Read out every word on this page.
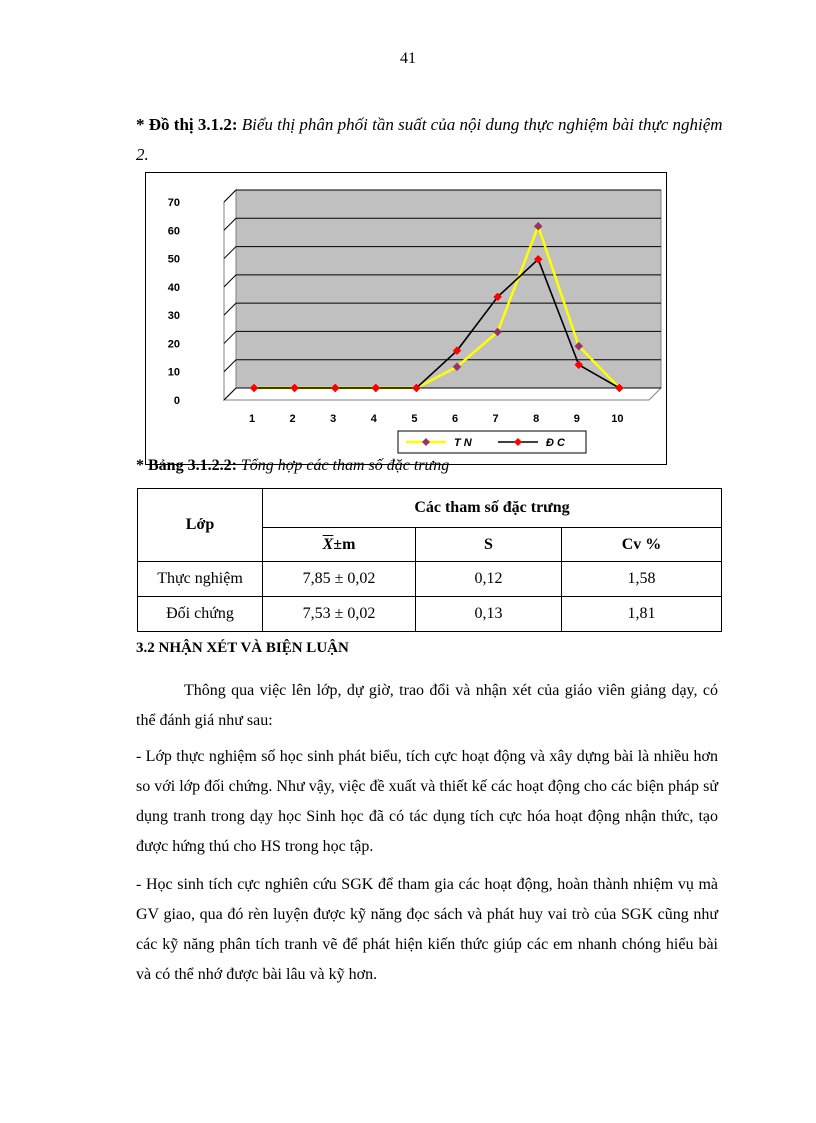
41
* Đồ thị 3.1.2: Biểu thị phân phối tần suất của nội dung thực nghiệm bài thực nghiệm 2.
0
10
20
30
40
50
60
70
1	2	3	4	5	6	7	8	9	10
T N	Đ C
* Bảng 3.1.2.2: Tổng hợp các tham số đặc trưng
Lớp	Các tham số đặc trưng		
	$\overline{X}\pm m$	S	Cv %
Thực nghiệm	7,85 ± 0,02	0,12	1,58
Đối chứng	7,53 ± 0,02	0,13	1,81
3.2 NHẬN XÉT VÀ BIỆN LUẬN
Thông qua việc lên lớp, dự giờ, trao đổi và nhận xét của giáo viên giảng dạy, có thể đánh giá như sau:
- Lớp thực nghiệm số học sinh phát biểu, tích cực hoạt động và xây dựng bài là nhiều hơn so với lớp đối chứng. Như vậy, việc đề xuất và thiết kế các hoạt động cho các biện pháp sử dụng tranh trong dạy học Sinh học đã có tác dụng tích cực hóa hoạt động nhận thức, tạo được hứng thú cho HS trong học tập.
- Học sinh tích cực nghiên cứu SGK để tham gia các hoạt động, hoàn thành nhiệm vụ mà GV giao, qua đó rèn luyện được kỹ năng đọc sách và phát huy vai trò của SGK cũng như các kỹ năng phân tích tranh vẽ để phát hiện kiến thức giúp các em nhanh chóng hiểu bài và có thể nhớ được bài lâu và kỹ hơn.
